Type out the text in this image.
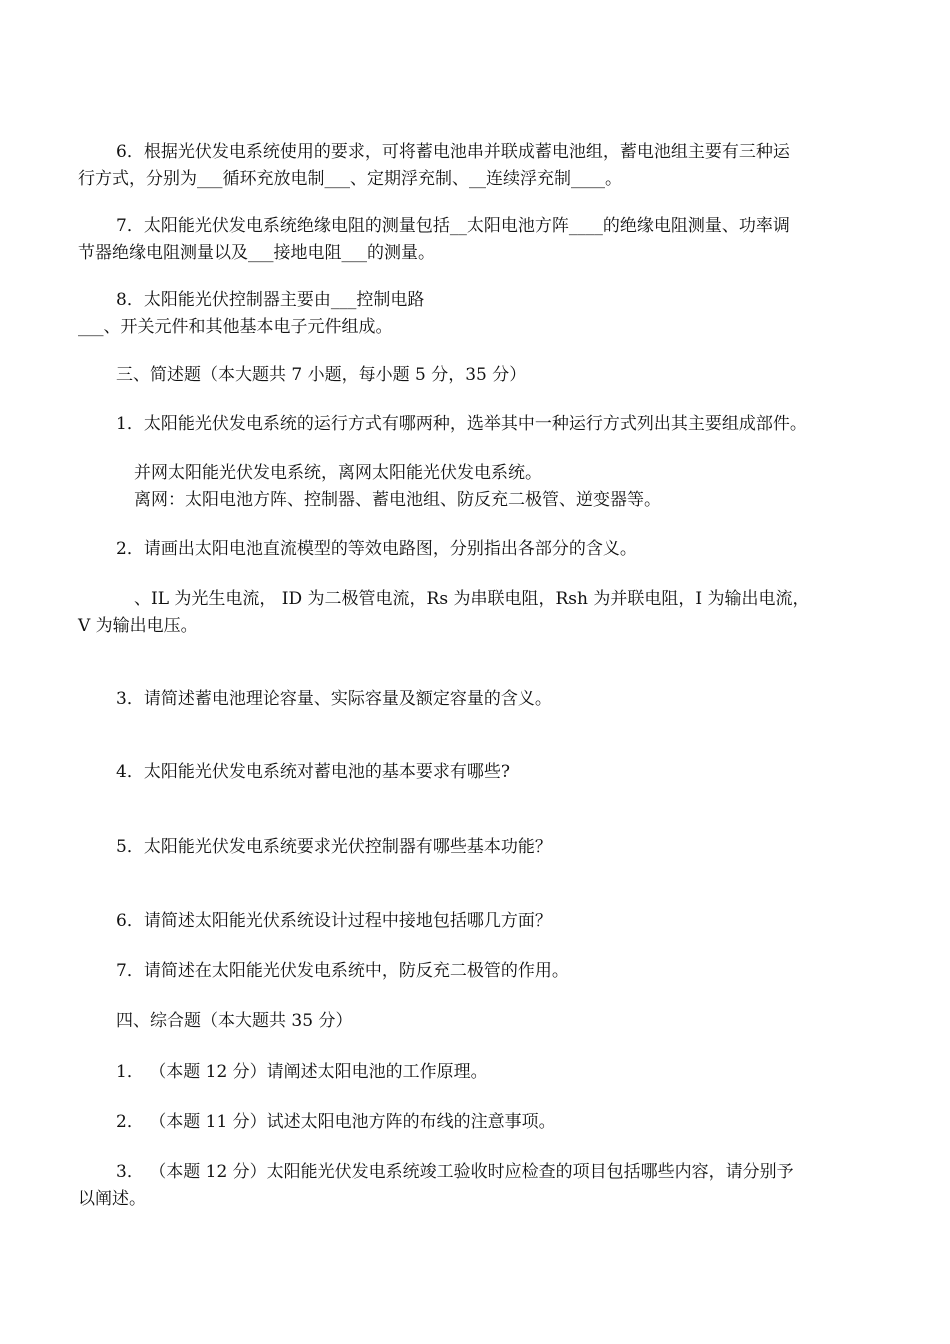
6．根据光伏发电系统使用的要求，可将蓄电池串并联成蓄电池组，蓄电池组主要有三种运

行方式，分别为___循环充放电制___、定期浮充制、__连续浮充制____。

7．太阳能光伏发电系统绝缘电阻的测量包括__太阳电池方阵____的绝缘电阻测量、功率调

节器绝缘电阻测量以及___接地电阻___的测量。

8．太阳能光伏控制器主要由___控制电路

___、开关元件和其他基本电子元件组成。

三、简述题（本大题共 7 小题，每小题 5 分，35 分）

1．太阳能光伏发电系统的运行方式有哪两种，选举其中一种运行方式列出其主要组成部件。

并网太阳能光伏发电系统，离网太阳能光伏发电系统。

离网：太阳电池方阵、控制器、蓄电池组、防反充二极管、逆变器等。

2．请画出太阳电池直流模型的等效电路图，分别指出各部分的含义。

、IL 为光生电流， ID 为二极管电流，Rs 为串联电阻，Rsh 为并联电阻，I 为输出电流，

V 为输出电压。

3．请简述蓄电池理论容量、实际容量及额定容量的含义。

4．太阳能光伏发电系统对蓄电池的基本要求有哪些?

5．太阳能光伏发电系统要求光伏控制器有哪些基本功能？

6．请简述太阳能光伏系统设计过程中接地包括哪几方面？

7．请简述在太阳能光伏发电系统中，防反充二极管的作用。

四、综合题（本大题共 35 分）

1． （本题 12 分）请阐述太阳电池的工作原理。

2． （本题 11 分）试述太阳电池方阵的布线的注意事项。

3． （本题 12 分）太阳能光伏发电系统竣工验收时应检查的项目包括哪些内容，请分别予

以阐述。
